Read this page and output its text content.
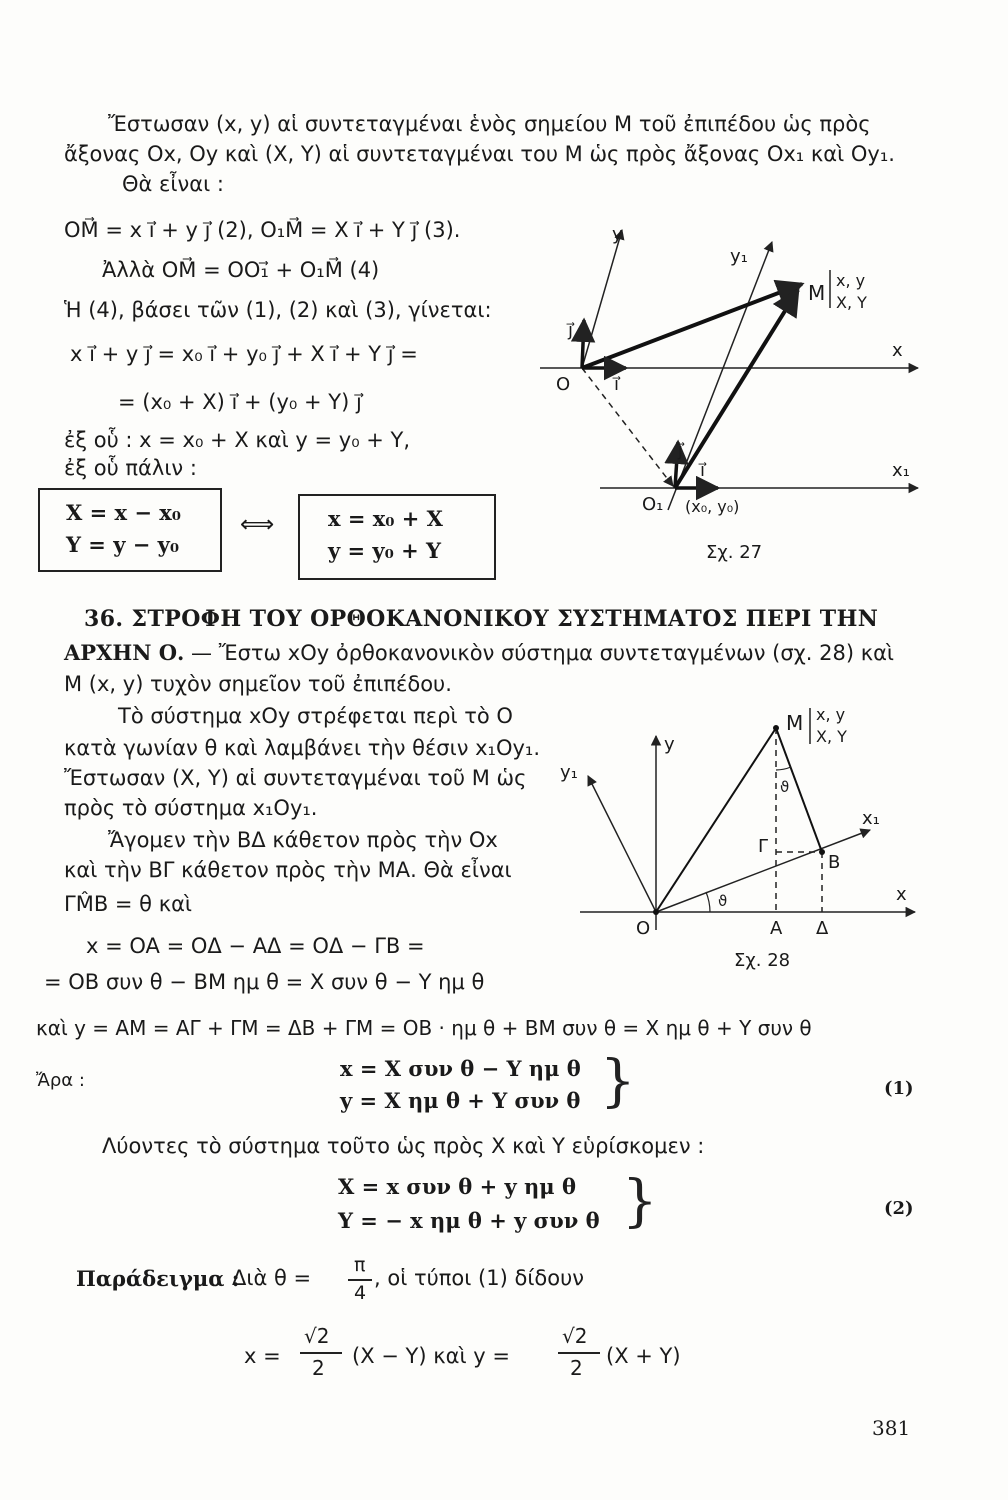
Ἔστωσαν (x, y) αἱ συντεταγμέναι ἑνὸς σημείου Μ τοῦ ἐπιπέδου ὡς πρὸς
ἄξονας Ox, Oy καὶ (X, Y) αἱ συντεταγμέναι του Μ ὡς πρὸς ἄξονας Ox₁ καὶ Oy₁.
Θὰ εἶναι :
OM⃗ = x i⃗ + y j⃗ (2), O₁M⃗ = X i⃗ + Y j⃗ (3).
Ἀλλὰ OM⃗ = OO₁⃗ + O₁M⃗ (4)
Ἡ (4), βάσει τῶν (1), (2) καὶ (3), γίνεται:
x i⃗ + y j⃗ = x₀ i⃗ + y₀ j⃗ + X i⃗ + Y j⃗ =
= (x₀ + X) i⃗ + (y₀ + Y) j⃗
ἐξ οὗ : x = x₀ + X καὶ y = y₀ + Y,
ἐξ οὗ πάλιν :
X = x − x₀
Y = y − y₀
⟺	x = x₀ + X
y = y₀ + Y
y
y₁
x
x₁
O
O₁
i⃗
j⃗
i⃗
j⃗
M
x, y
X, Y
(x₀, y₀)
Σχ. 27
36. ΣΤΡΟΦΗ ΤΟΥ ΟΡΘΟΚΑΝΟΝΙΚΟΥ ΣΥΣΤΗΜΑΤΟΣ ΠΕΡΙ ΤΗΝ
ΑΡΧΗΝ Ο. — Ἔστω xOy ὀρθοκανονικὸν σύστημα συντεταγμένων (σχ. 28) καὶ
Μ (x, y) τυχὸν σημεῖον τοῦ ἐπιπέδου.
Τὸ σύστημα xOy στρέφεται περὶ τὸ O
κατὰ γωνίαν θ καὶ λαμβάνει τὴν θέσιν x₁Oy₁.
Ἔστωσαν (X, Y) αἱ συντεταγμέναι τοῦ Μ ὡς
πρὸς τὸ σύστημα x₁Oy₁.
Ἄγομεν τὴν ΒΔ κάθετον πρὸς τὴν Ox
καὶ τὴν ΒΓ κάθετον πρὸς τὴν ΜΑ. Θὰ εἶναι
ΓM̂B = θ καὶ
y
y₁
x
x₁
O	A Δ
B
Γ
M x, y
X, Y
ϑ
ϑ
Σχ. 28
x = OA = OΔ − AΔ = OΔ − ΓB =
= OB συν θ − BM ημ θ = X συν θ − Y ημ θ
καὶ y = AM = AΓ + ΓM = ΔB + ΓM = OB · ημ θ + BM συν θ = X ημ θ + Y συν θ
Ἄρα :	x = X συν θ − Y ημ θ
y = X ημ θ + Y συν θ }	(1)
Λύοντες τὸ σύστημα τοῦτο ὡς πρὸς X καὶ Y εὑρίσκομεν :
X = x συν θ + y ημ θ
Y = − x ημ θ + y συν θ }	(2)
Παράδειγμα :
Διὰ θ =
π
4
, οἱ τύποι (1) δίδουν
x =
√2
2 (X − Y) καὶ y =
√2
2 (X + Y)
381
